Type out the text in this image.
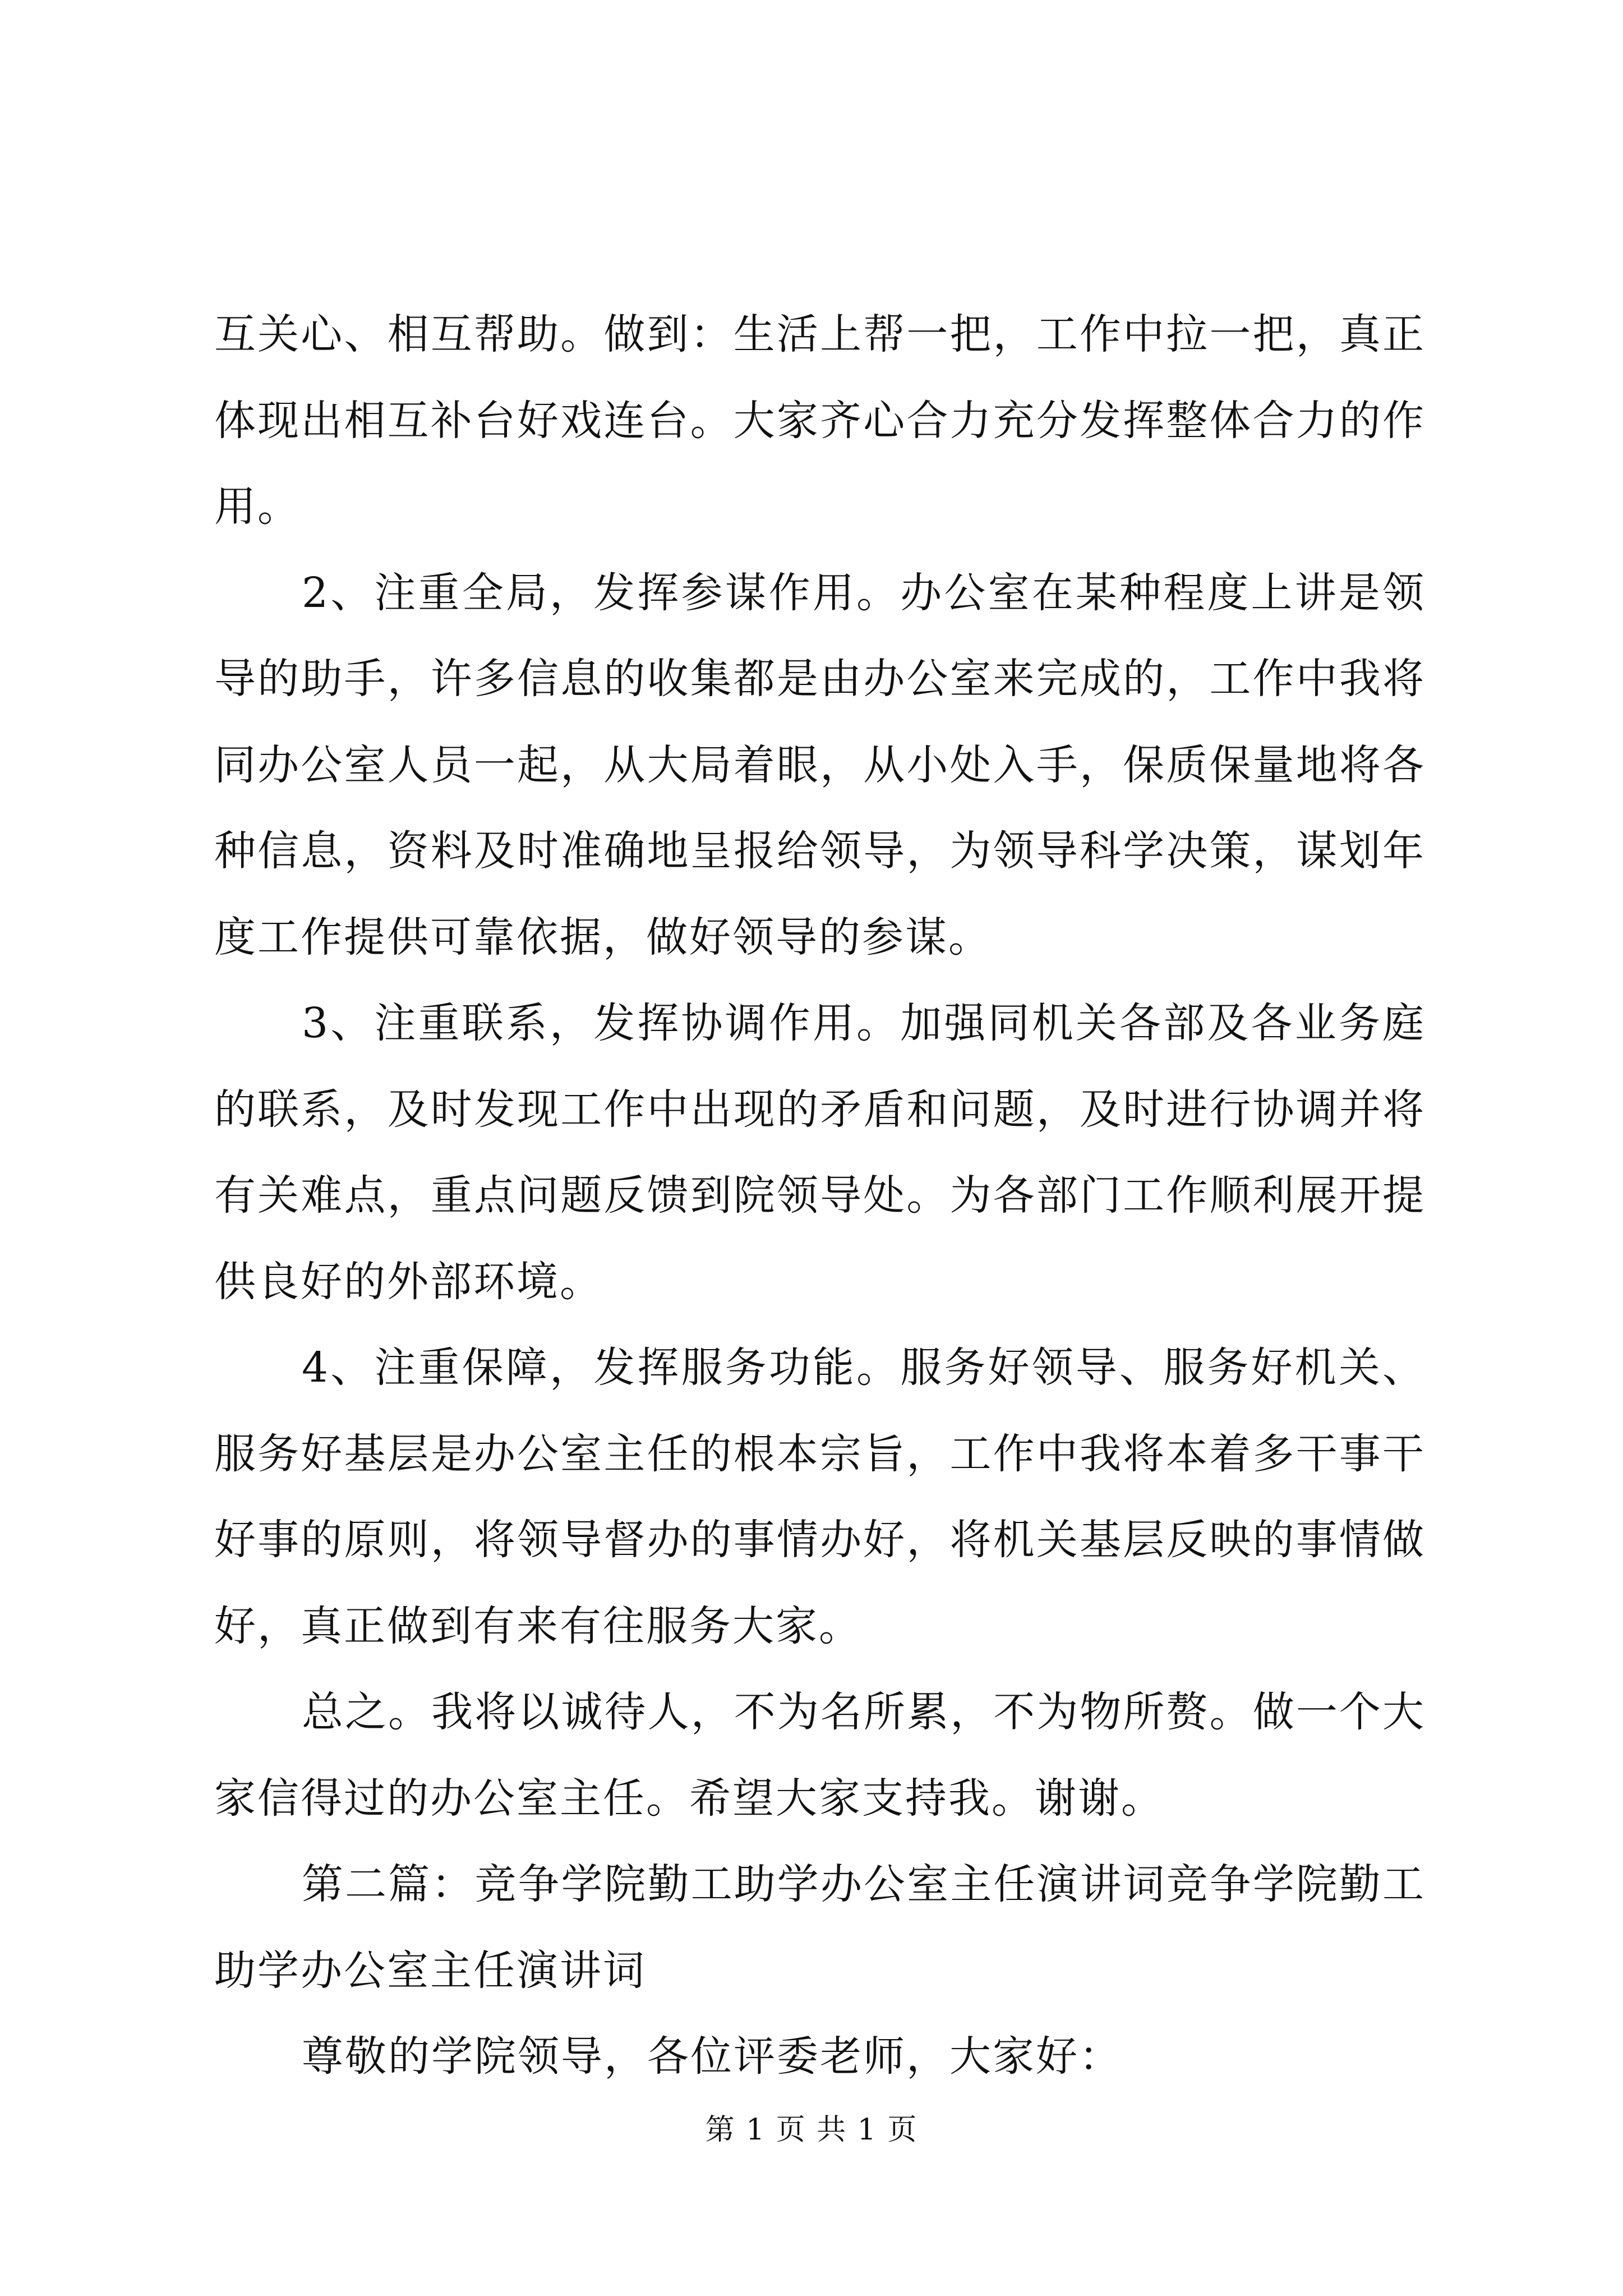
互关心、相互帮助。做到：生活上帮一把，工作中拉一把，真正体现出相互补台好戏连台。大家齐心合力充分发挥整体合力的作用。

2、注重全局，发挥参谋作用。办公室在某种程度上讲是领导的助手，许多信息的收集都是由办公室来完成的，工作中我将同办公室人员一起，从大局着眼，从小处入手，保质保量地将各种信息，资料及时准确地呈报给领导，为领导科学决策，谋划年度工作提供可靠依据，做好领导的参谋。

3、注重联系，发挥协调作用。加强同机关各部及各业务庭的联系，及时发现工作中出现的矛盾和问题，及时进行协调并将有关难点，重点问题反馈到院领导处。为各部门工作顺利展开提供良好的外部环境。

4、注重保障，发挥服务功能。服务好领导、服务好机关、服务好基层是办公室主任的根本宗旨，工作中我将本着多干事干好事的原则，将领导督办的事情办好，将机关基层反映的事情做好，真正做到有来有往服务大家。

总之。我将以诚待人，不为名所累，不为物所赘。做一个大家信得过的办公室主任。希望大家支持我。谢谢。

第二篇：竞争学院勤工助学办公室主任演讲词竞争学院勤工助学办公室主任演讲词

尊敬的学院领导，各位评委老师，大家好：

第 1 页 共 1 页
